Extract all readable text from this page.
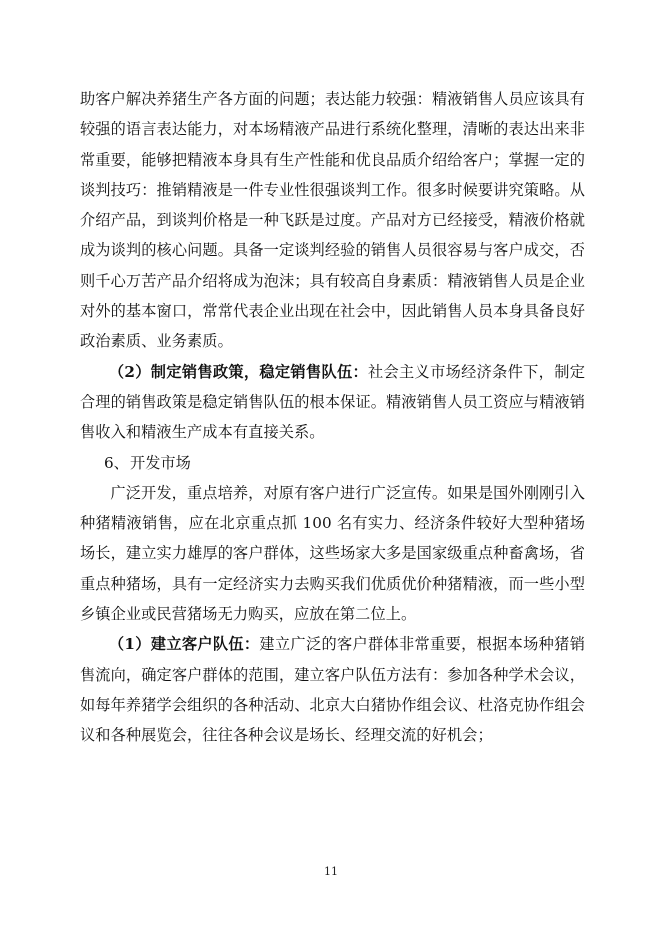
助客户解决养猪生产各方面的问题；表达能力较强：精液销售人员应该具有较强的语言表达能力，对本场精液产品进行系统化整理，清晰的表达出来非常重要，能够把精液本身具有生产性能和优良品质介绍给客户；掌握一定的谈判技巧：推销精液是一件专业性很强谈判工作。很多时候要讲究策略。从介绍产品，到谈判价格是一种飞跃是过度。产品对方已经接受，精液价格就成为谈判的核心问题。具备一定谈判经验的销售人员很容易与客户成交，否则千心万苦产品介绍将成为泡沫；具有较高自身素质：精液销售人员是企业对外的基本窗口，常常代表企业出现在社会中，因此销售人员本身具备良好政治素质、业务素质。

（2）制定销售政策，稳定销售队伍：社会主义市场经济条件下，制定合理的销售政策是稳定销售队伍的根本保证。精液销售人员工资应与精液销售收入和精液生产成本有直接关系。

6、开发市场

广泛开发，重点培养，对原有客户进行广泛宣传。如果是国外刚刚引入种猪精液销售，应在北京重点抓 100 名有实力、经济条件较好大型种猪场场长，建立实力雄厚的客户群体，这些场家大多是国家级重点种畜禽场，省重点种猪场，具有一定经济实力去购买我们优质优价种猪精液，而一些小型乡镇企业或民营猪场无力购买，应放在第二位上。

（1）建立客户队伍：建立广泛的客户群体非常重要，根据本场种猪销售流向，确定客户群体的范围，建立客户队伍方法有：参加各种学术会议，如每年养猪学会组织的各种活动、北京大白猪协作组会议、杜洛克协作组会议和各种展览会，往往各种会议是场长、经理交流的好机会；

11
